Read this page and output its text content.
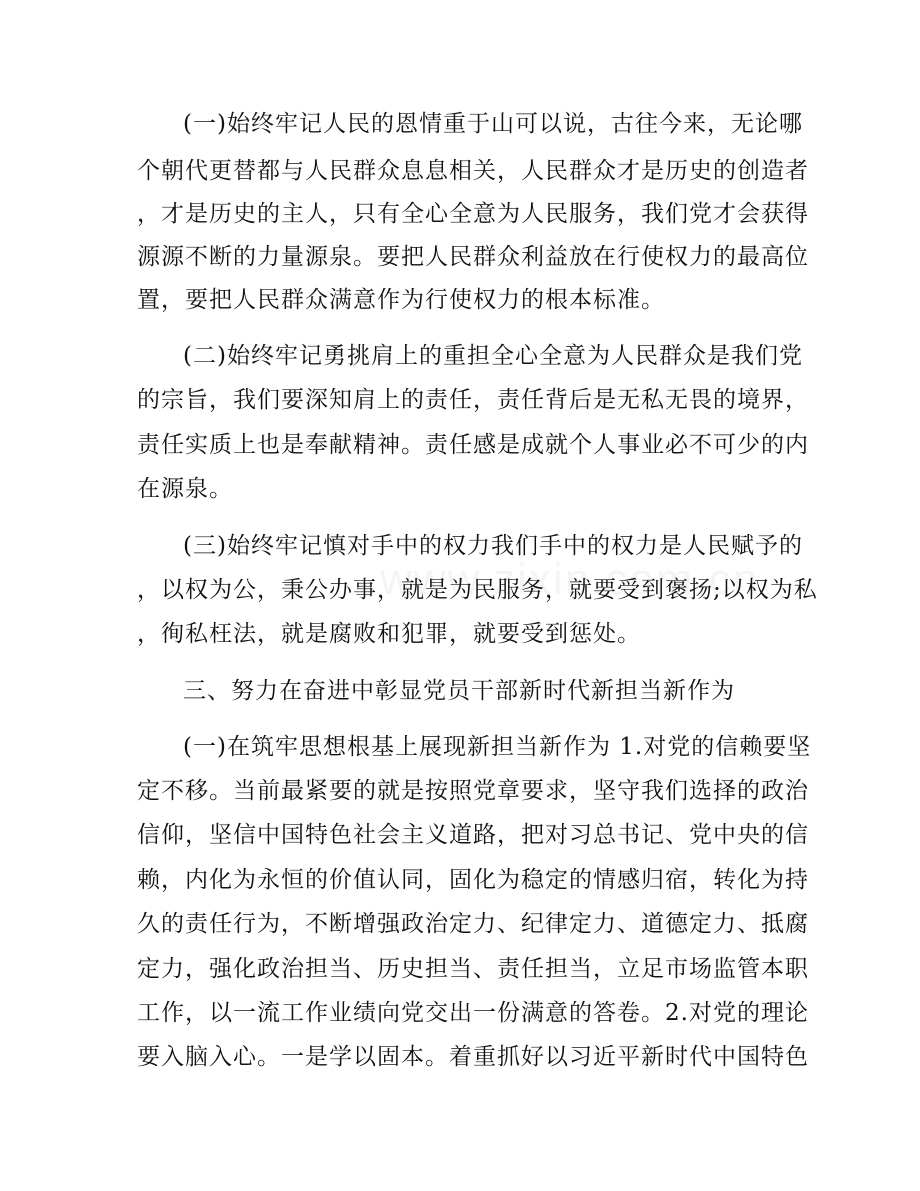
(一)始终牢记人民的恩情重于山可以说，古往今来，无论哪
个朝代更替都与人民群众息息相关，人民群众才是历史的创造者
，才是历史的主人，只有全心全意为人民服务，我们党才会获得
源源不断的力量源泉。要把人民群众利益放在行使权力的最高位
置，要把人民群众满意作为行使权力的根本标准。
(二)始终牢记勇挑肩上的重担全心全意为人民群众是我们党
的宗旨，我们要深知肩上的责任，责任背后是无私无畏的境界，
责任实质上也是奉献精神。责任感是成就个人事业必不可少的内
在源泉。
(三)始终牢记慎对手中的权力我们手中的权力是人民赋予的
，以权为公，秉公办事，就是为民服务，就要受到褒扬;以权为私
，徇私枉法，就是腐败和犯罪，就要受到惩处。
三、努力在奋进中彰显党员干部新时代新担当新作为
(一)在筑牢思想根基上展现新担当新作为 1.对党的信赖要坚
定不移。当前最紧要的就是按照党章要求，坚守我们选择的政治
信仰，坚信中国特色社会主义道路，把对习总书记、党中央的信
赖，内化为永恒的价值认同，固化为稳定的情感归宿，转化为持
久的责任行为，不断增强政治定力、纪律定力、道德定力、抵腐
定力，强化政治担当、历史担当、责任担当，立足市场监管本职
工作，以一流工作业绩向党交出一份满意的答卷。2.对党的理论
要入脑入心。一是学以固本。着重抓好以习近平新时代中国特色
